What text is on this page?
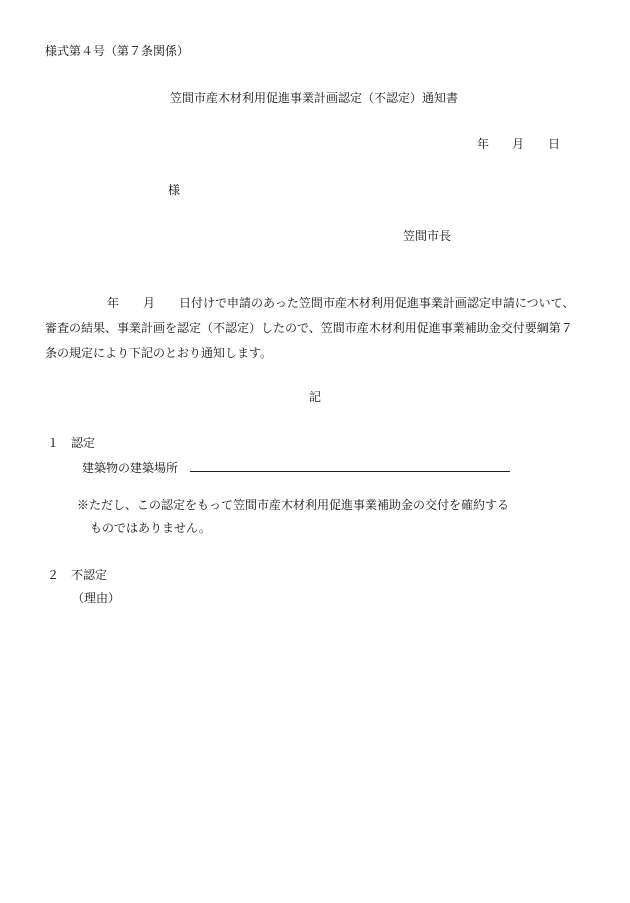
様式第４号（第７条関係）
笠間市産木材利用促進事業計画認定（不認定）通知書
年 月 日
様
笠間市長
年 月 日付けで申請のあった笠間市産木材利用促進事業計画認定申請について、
審査の結果、事業計画を認定（不認定）したので、笠間市産木材利用促進事業補助金交付要綱第７
条の規定により下記のとおり通知します。
記
１　認定
建築物の建築場所
※ただし、この認定をもって笠間市産木材利用促進事業補助金の交付を確約する
ものではありません。
２　不認定
（理由）
